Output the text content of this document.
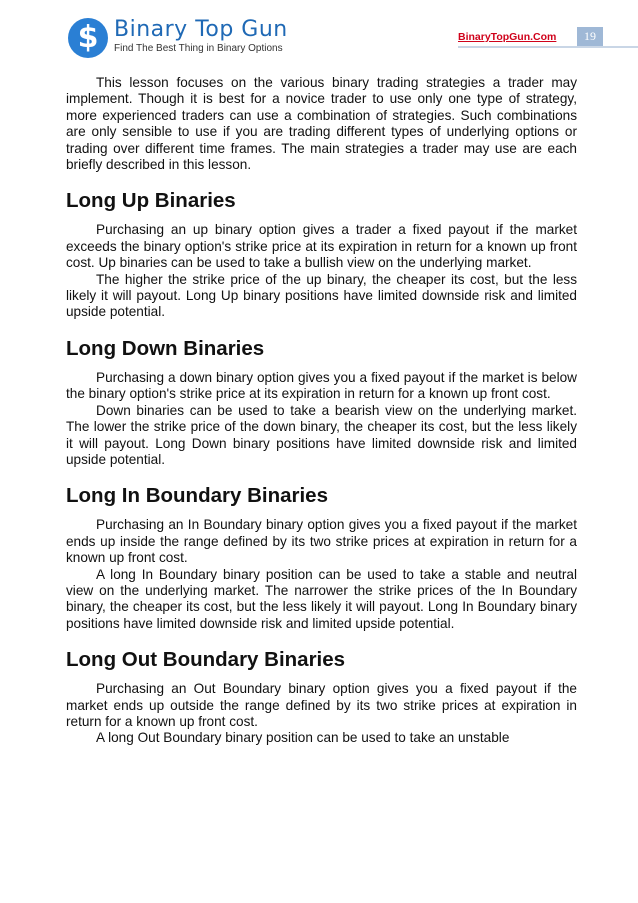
$ Binary Top Gun
Find The Best Thing in Binary Options
BinaryTopGun.Com	19

This lesson focuses on the various binary trading strategies a trader may implement. Though it is best for a novice trader to use only one type of strategy, more experienced traders can use a combination of strategies. Such combinations are only sensible to use if you are trading different types of underlying options or trading over different time frames. The main strategies a trader may use are each briefly described in this lesson.

Long Up Binaries

Purchasing an up binary option gives a trader a fixed payout if the market exceeds the binary option's strike price at its expiration in return for a known up front cost. Up binaries can be used to take a bullish view on the underlying market.

The higher the strike price of the up binary, the cheaper its cost, but the less likely it will payout. Long Up binary positions have limited downside risk and limited upside potential.

Long Down Binaries

Purchasing a down binary option gives you a fixed payout if the market is below the binary option's strike price at its expiration in return for a known up front cost.

Down binaries can be used to take a bearish view on the underlying market. The lower the strike price of the down binary, the cheaper its cost, but the less likely it will payout. Long Down binary positions have limited downside risk and limited upside potential.

Long In Boundary Binaries

Purchasing an In Boundary binary option gives you a fixed payout if the market ends up inside the range defined by its two strike prices at expiration in return for a known up front cost.

A long In Boundary binary position can be used to take a stable and neutral view on the underlying market. The narrower the strike prices of the In Boundary binary, the cheaper its cost, but the less likely it will payout. Long In Boundary binary positions have limited downside risk and limited upside potential.

Long Out Boundary Binaries

Purchasing an Out Boundary binary option gives you a fixed payout if the market ends up outside the range defined by its two strike prices at expiration in return for a known up front cost.

A long Out Boundary binary position can be used to take an unstable
